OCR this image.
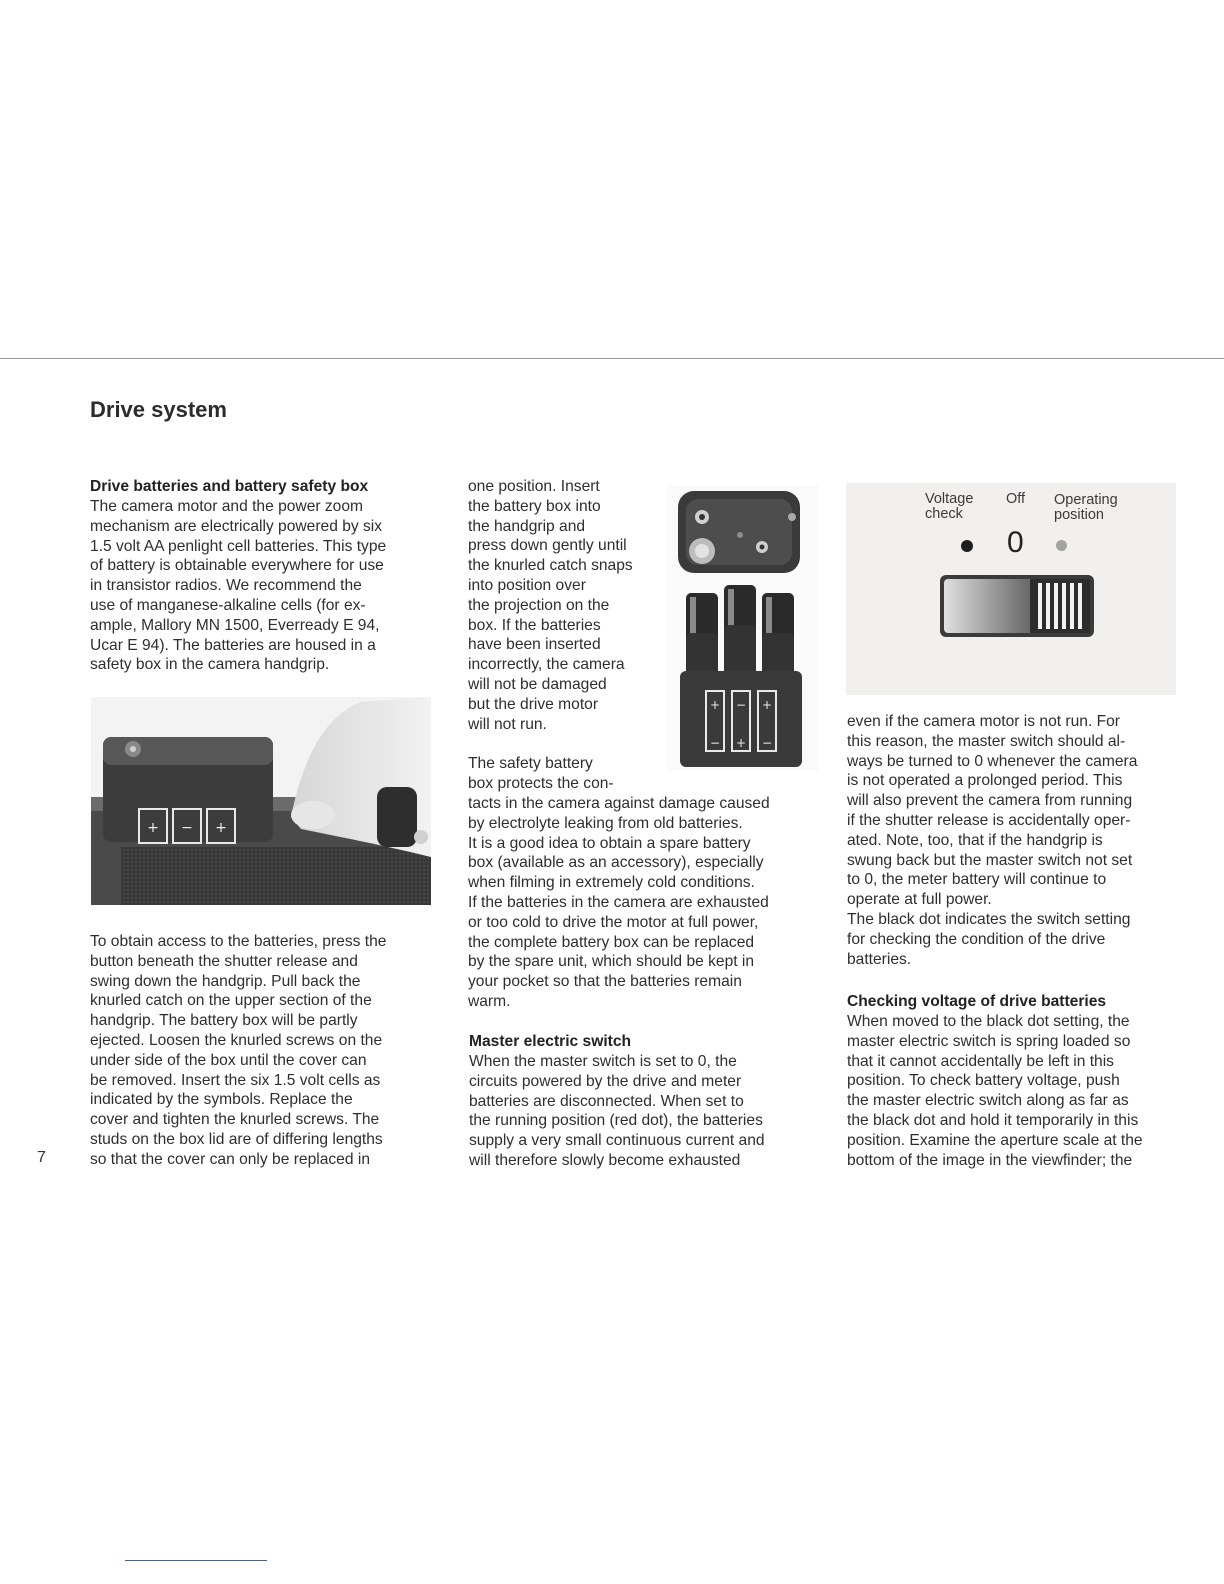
Drive system

Drive batteries and battery safety box

The camera motor and the power zoom
mechanism are electrically powered by six
1.5 volt AA penlight cell batteries. This type
of battery is obtainable everywhere for use
in transistor radios. We recommend the
use of manganese-alkaline cells (for ex-
ample, Mallory MN 1500, Everready E 94,
Ucar E 94). The batteries are housed in a
safety box in the camera handgrip.

+ − +

To obtain access to the batteries, press the
button beneath the shutter release and
swing down the handgrip. Pull back the
knurled catch on the upper section of the
handgrip. The battery box will be partly
ejected. Loosen the knurled screws on the
under side of the box until the cover can
be removed. Insert the six 1.5 volt cells as
indicated by the symbols. Replace the
cover and tighten the knurled screws. The
studs on the box lid are of differing lengths
so that the cover can only be replaced in

7

one position. Insert
the battery box into
the handgrip and
press down gently until
the knurled catch snaps
into position over
the projection on the
box. If the batteries
have been inserted
incorrectly, the camera
will not be damaged
but the drive motor
will not run.

+ − +
− + −

The safety battery
box protects the con-

tacts in the camera against damage caused
by electrolyte leaking from old batteries.
It is a good idea to obtain a spare battery
box (available as an accessory), especially
when filming in extremely cold conditions.
If the batteries in the camera are exhausted
or too cold to drive the motor at full power,
the complete battery box can be replaced
by the spare unit, which should be kept in
your pocket so that the batteries remain
warm.

Master electric switch

When the master switch is set to 0, the
circuits powered by the drive and meter
batteries are disconnected. When set to
the running position (red dot), the batteries
supply a very small continuous current and
will therefore slowly become exhausted

Voltage
check
Off Operating
position
0

even if the camera motor is not run. For
this reason, the master switch should al-
ways be turned to 0 whenever the camera
is not operated a prolonged period. This
will also prevent the camera from running
if the shutter release is accidentally oper-
ated. Note, too, that if the handgrip is
swung back but the master switch not set
to 0, the meter battery will continue to
operate at full power.
The black dot indicates the switch setting
for checking the condition of the drive
batteries.

Checking voltage of drive batteries

When moved to the black dot setting, the
master electric switch is spring loaded so
that it cannot accidentally be left in this
position. To check battery voltage, push
the master electric switch along as far as
the black dot and hold it temporarily in this
position. Examine the aperture scale at the
bottom of the image in the viewfinder; the
